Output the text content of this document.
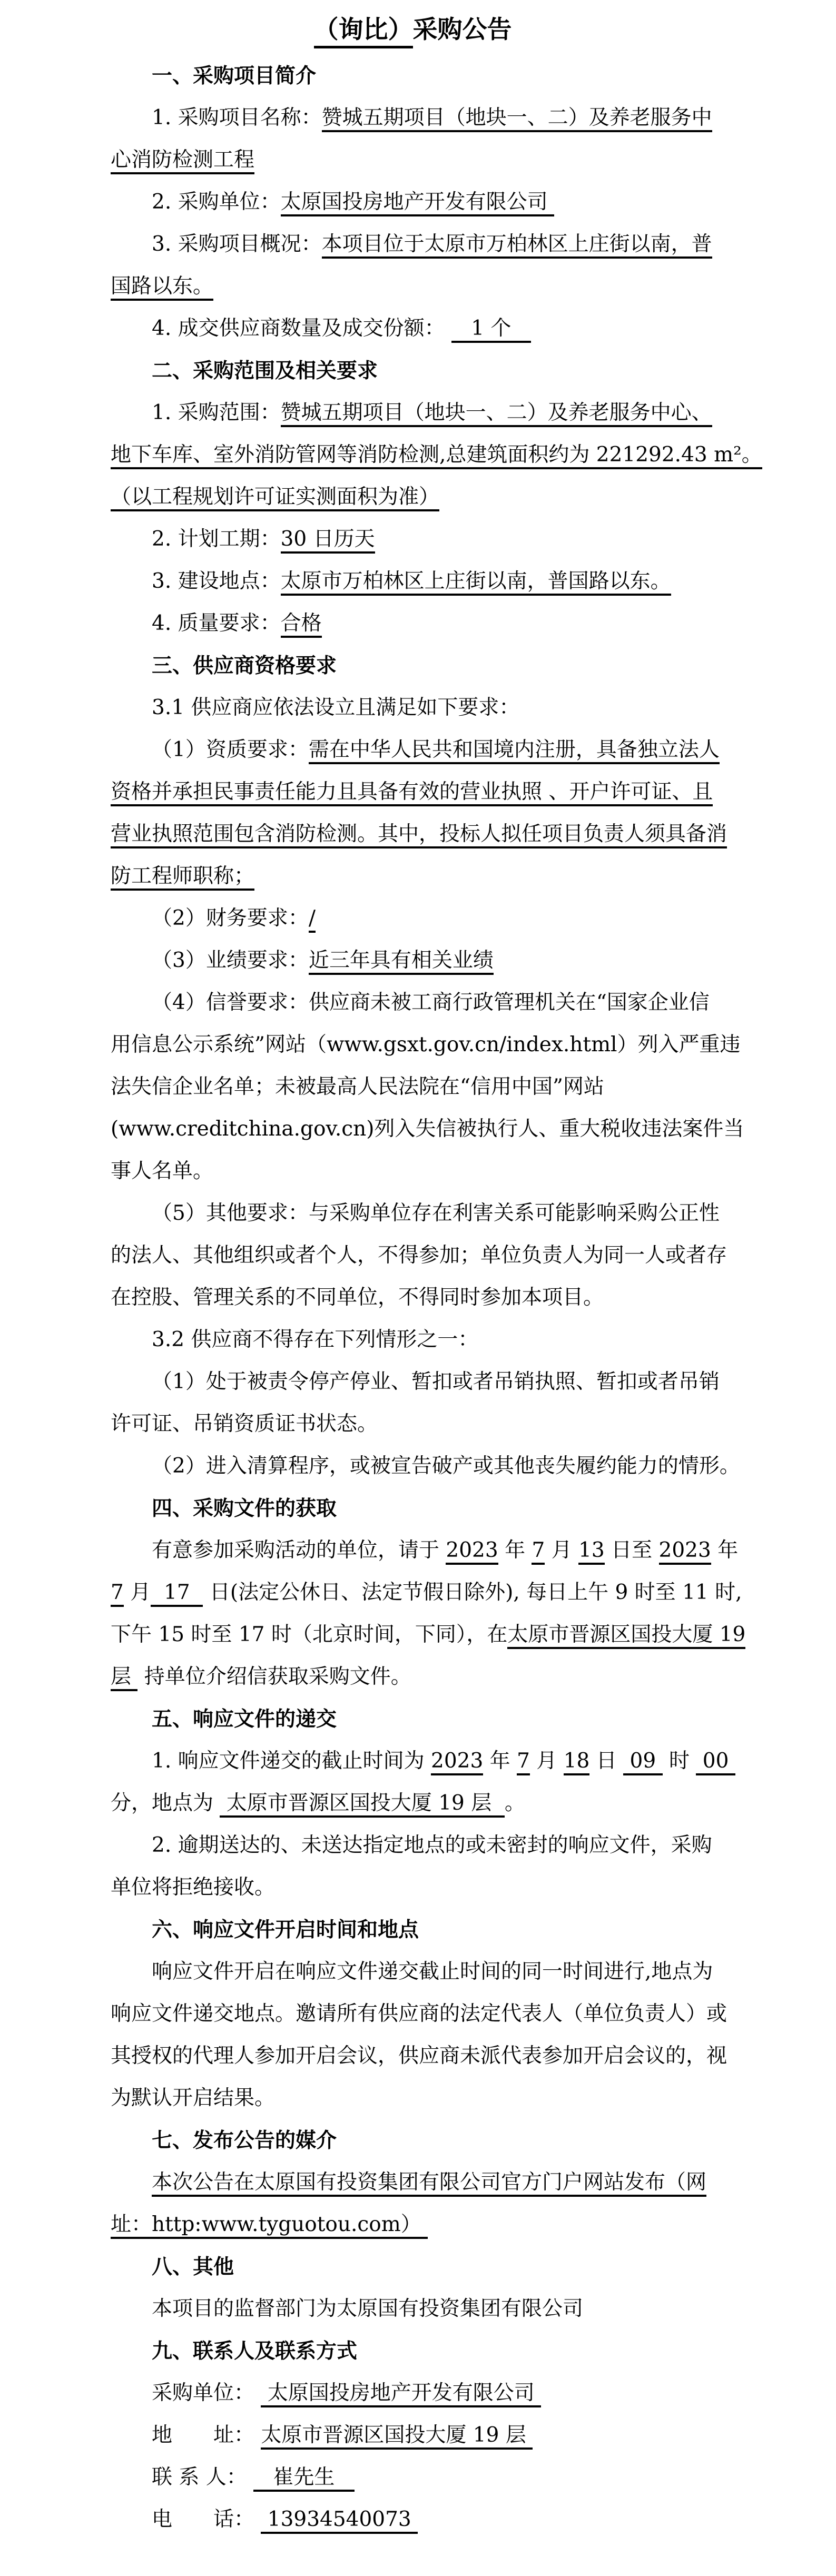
（询比）采购公告
一、采购项目简介
1. 采购项目名称：赞城五期项目（地块一、二）及养老服务中
心消防检测工程
2. 采购单位：太原国投房地产开发有限公司
3. 采购项目概况：本项目位于太原市万柏林区上庄街以南，普
国路以东。
4. 成交供应商数量及成交份额：    1 个
二、采购范围及相关要求
1. 采购范围：赞城五期项目（地块一、二）及养老服务中心、
地下车库、室外消防管网等消防检测,总建筑面积约为 221292.43 m²。
（以工程规划许可证实测面积为准）
2. 计划工期：30 日历天
3. 建设地点：太原市万柏林区上庄街以南，普国路以东。
4. 质量要求：合格
三、供应商资格要求
3.1 供应商应依法设立且满足如下要求：
（1）资质要求：需在中华人民共和国境内注册，具备独立法人
资格并承担民事责任能力且具备有效的营业执照 、开户许可证、且
营业执照范围包含消防检测。其中，投标人拟任项目负责人须具备消
防工程师职称；
（2）财务要求：/
（3）业绩要求：近三年具有相关业绩
（4）信誉要求：供应商未被工商行政管理机关在“国家企业信
用信息公示系统”网站（www.gsxt.gov.cn/index.html）列入严重违
法失信企业名单；未被最高人民法院在“信用中国”网站
(www.creditchina.gov.cn)列入失信被执行人、重大税收违法案件当
事人名单。
（5）其他要求：与采购单位存在利害关系可能影响采购公正性
的法人、其他组织或者个人，不得参加；单位负责人为同一人或者存
在控股、管理关系的不同单位，不得同时参加本项目。
3.2 供应商不得存在下列情形之一：
（1）处于被责令停产停业、暂扣或者吊销执照、暂扣或者吊销
许可证、吊销资质证书状态。
（2）进入清算程序，或被宣告破产或其他丧失履约能力的情形。
四、采购文件的获取
有意参加采购活动的单位，请于 2023 年 7 月 13 日至 2023 年
7 月  17   日(法定公休日、法定节假日除外), 每日上午 9 时至 11 时,
下午 15 时至 17 时（北京时间，下同），在太原市晋源区国投大厦 19
层  持单位介绍信获取采购文件。
五、响应文件的递交
1. 响应文件递交的截止时间为 2023 年 7 月 18 日  09  时  00
分，地点为  太原市晋源区国投大厦 19 层  。
2. 逾期送达的、未送达指定地点的或未密封的响应文件，采购
单位将拒绝接收。
六、响应文件开启时间和地点
响应文件开启在响应文件递交截止时间的同一时间进行,地点为
响应文件递交地点。邀请所有供应商的法定代表人（单位负责人）或
其授权的代理人参加开启会议，供应商未派代表参加开启会议的，视
为默认开启结果。
七、发布公告的媒介
本次公告在太原国有投资集团有限公司官方门户网站发布（网
址：http:www.tyguotou.com）
八、其他
本项目的监督部门为太原国有投资集团有限公司
九、联系人及联系方式
采购单位：  太原国投房地产开发有限公司
地　　址： 太原市晋源区国投大厦 19 层
联 系 人：    崔先生
电　　话：  13934540073
